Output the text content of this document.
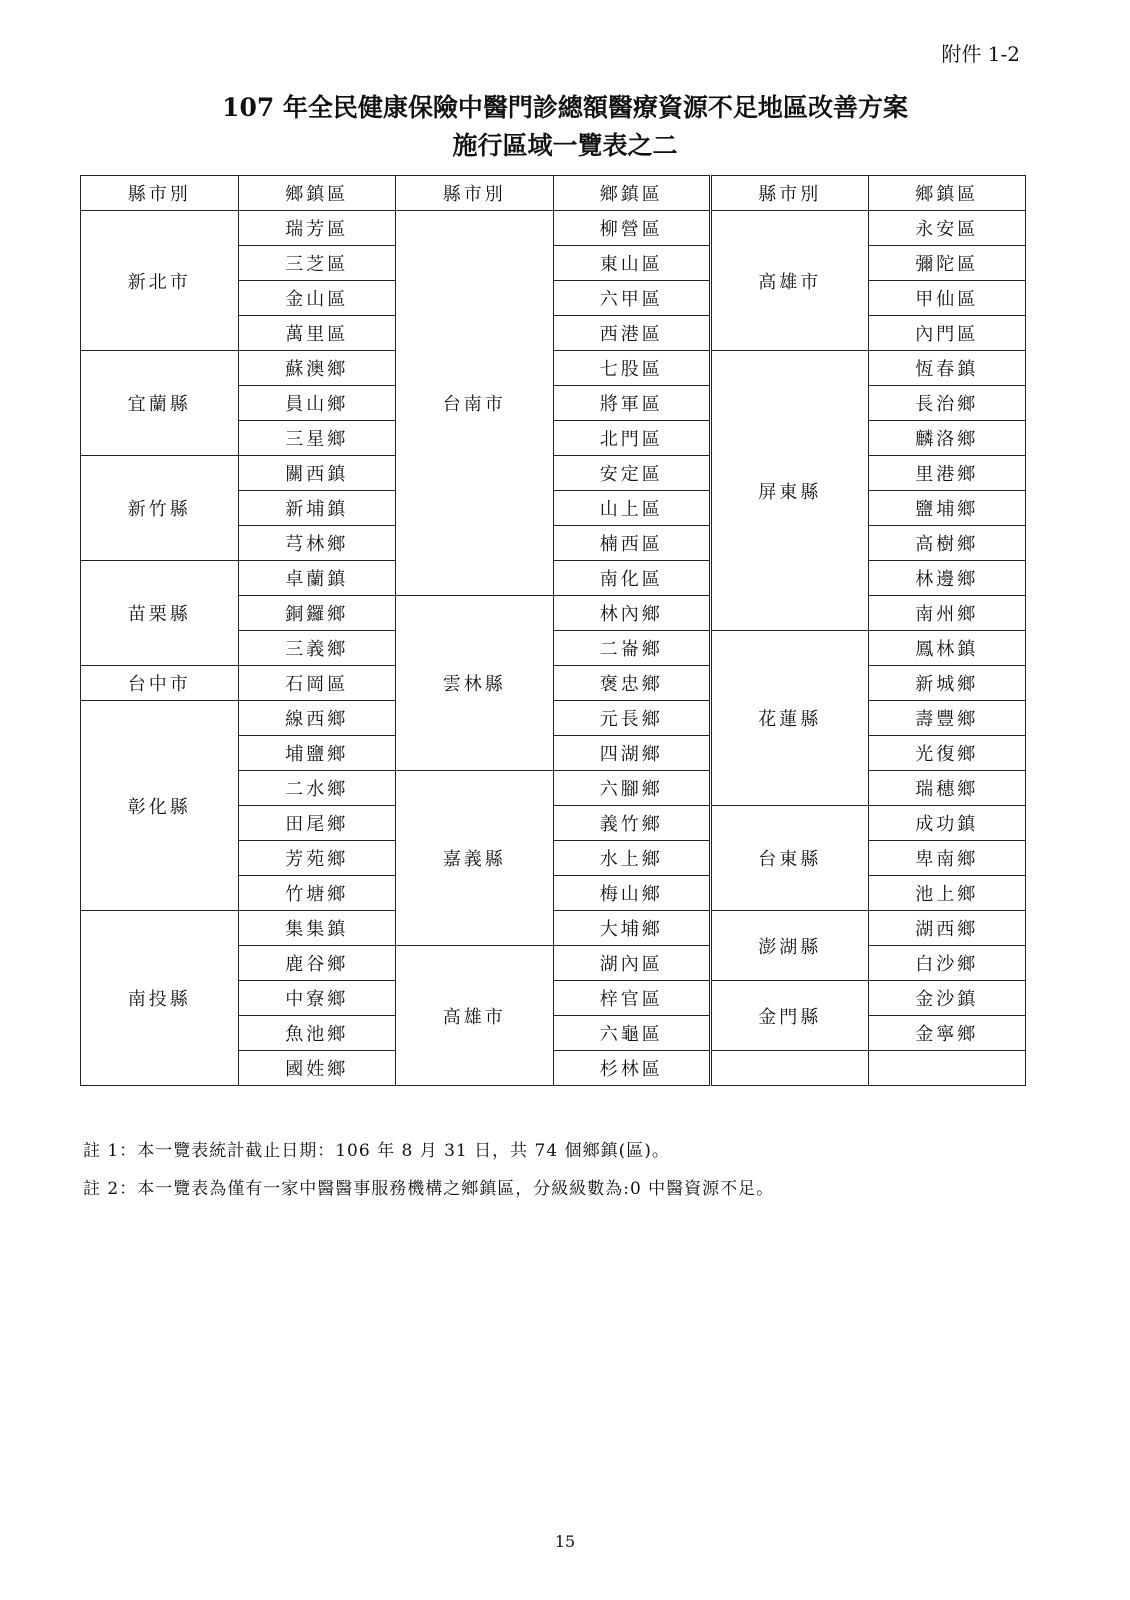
附件 1-2
107 年全民健康保險中醫門診總額醫療資源不足地區改善方案
施行區域一覽表之二
縣市別	鄉鎮區	縣市別	鄉鎮區	縣市別	鄉鎮區
新北市	瑞芳區	台南市	柳營區	高雄市	永安區
	三芝區		東山區		彌陀區
	金山區		六甲區		甲仙區
	萬里區		西港區		內門區
宜蘭縣	蘇澳鄉		七股區	屏東縣	恆春鎮
	員山鄉		將軍區		長治鄉
	三星鄉		北門區		麟洛鄉
新竹縣	關西鎮		安定區		里港鄉
	新埔鎮		山上區		鹽埔鄉
	芎林鄉		楠西區		高樹鄉
苗栗縣	卓蘭鎮		南化區		林邊鄉
	銅鑼鄉	雲林縣	林內鄉		南州鄉
	三義鄉		二崙鄉	花蓮縣	鳳林鎮
台中市	石岡區		褒忠鄉		新城鄉
彰化縣	線西鄉		元長鄉		壽豐鄉
	埔鹽鄉		四湖鄉		光復鄉
	二水鄉	嘉義縣	六腳鄉		瑞穗鄉
	田尾鄉		義竹鄉	台東縣	成功鎮
	芳苑鄉		水上鄉		卑南鄉
	竹塘鄉		梅山鄉		池上鄉
南投縣	集集鎮		大埔鄉	澎湖縣	湖西鄉
	鹿谷鄉	高雄市	湖內區		白沙鄉
	中寮鄉		梓官區	金門縣	金沙鎮
	魚池鄉		六龜區		金寧鄉
	國姓鄉		杉林區		
註 1：本一覽表統計截止日期：106 年 8 月 31 日，共 74 個鄉鎮(區)。
註 2：本一覽表為僅有一家中醫醫事服務機構之鄉鎮區，分級級數為:0 中醫資源不足。
15
